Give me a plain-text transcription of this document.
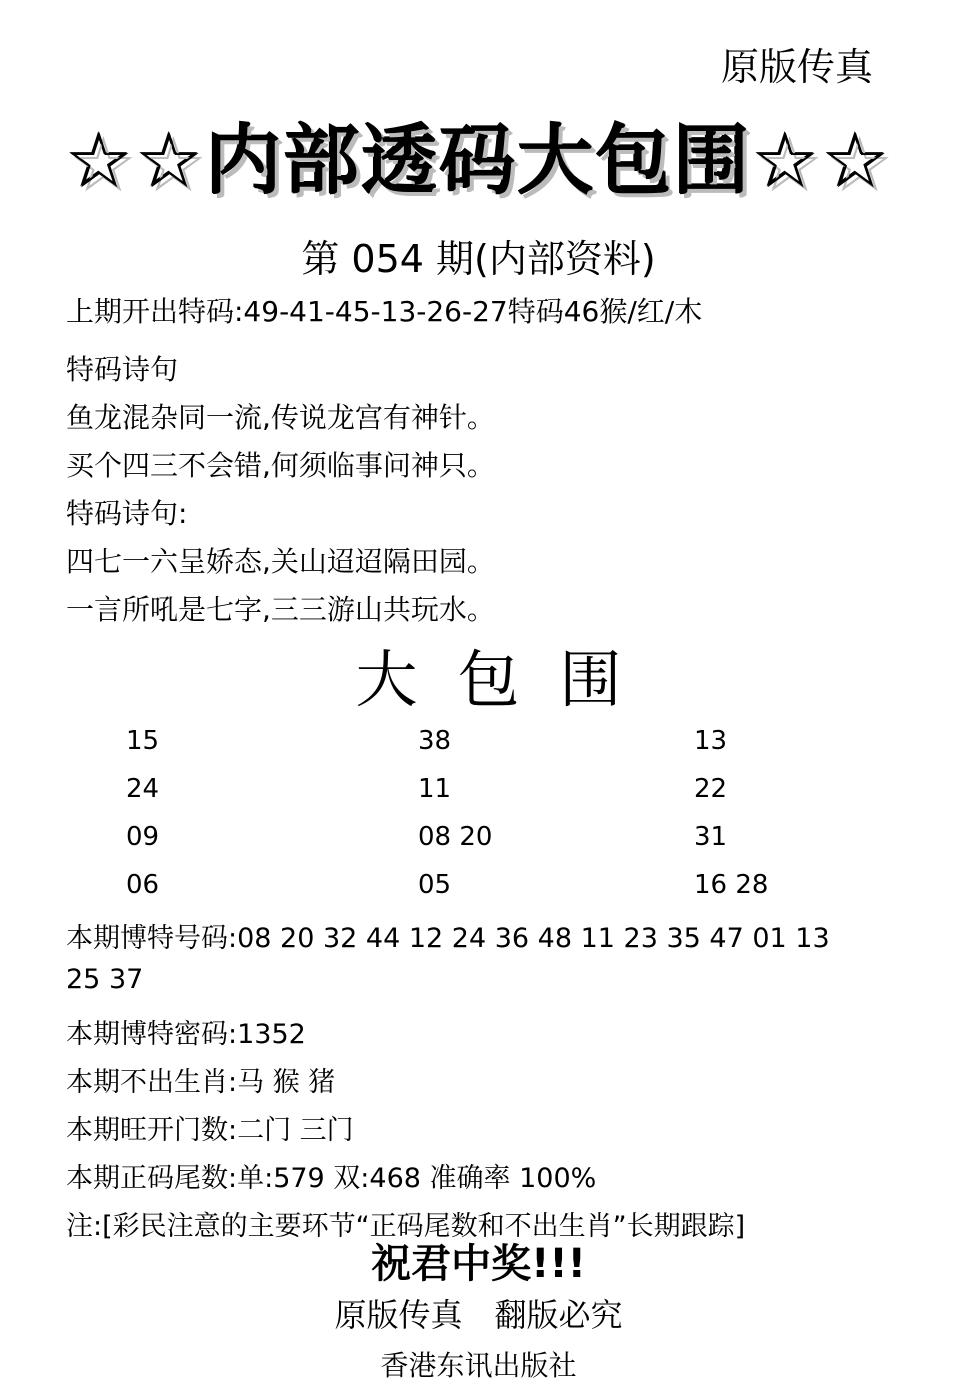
原版传真
☆☆内部透码大包围☆☆
第 054 期(内部资料)
上期开出特码:49-41-45-13-26-27特码46猴/红/木
特码诗句
鱼龙混杂同一流,传说龙宫有神针。
买个四三不会错,何须临事问神只。
特码诗句:
四七一六呈娇态,关山迢迢隔田园。
一言所吼是七字,三三游山共玩水。
大包围
15	38	13
24	11	22
09	08 20	31
06	05	16 28
本期博特号码:08 20 32 44 12 24 36 48 11 23 35 47 01 13
25 37
本期博特密码:1352
本期不出生肖:马 猴 猪
本期旺开门数:二门 三门
本期正码尾数:单:579 双:468 准确率 100%
注:[彩民注意的主要环节“正码尾数和不出生肖”长期跟踪]
祝君中奖!!!
原版传真 翻版必究
香港东讯出版社
